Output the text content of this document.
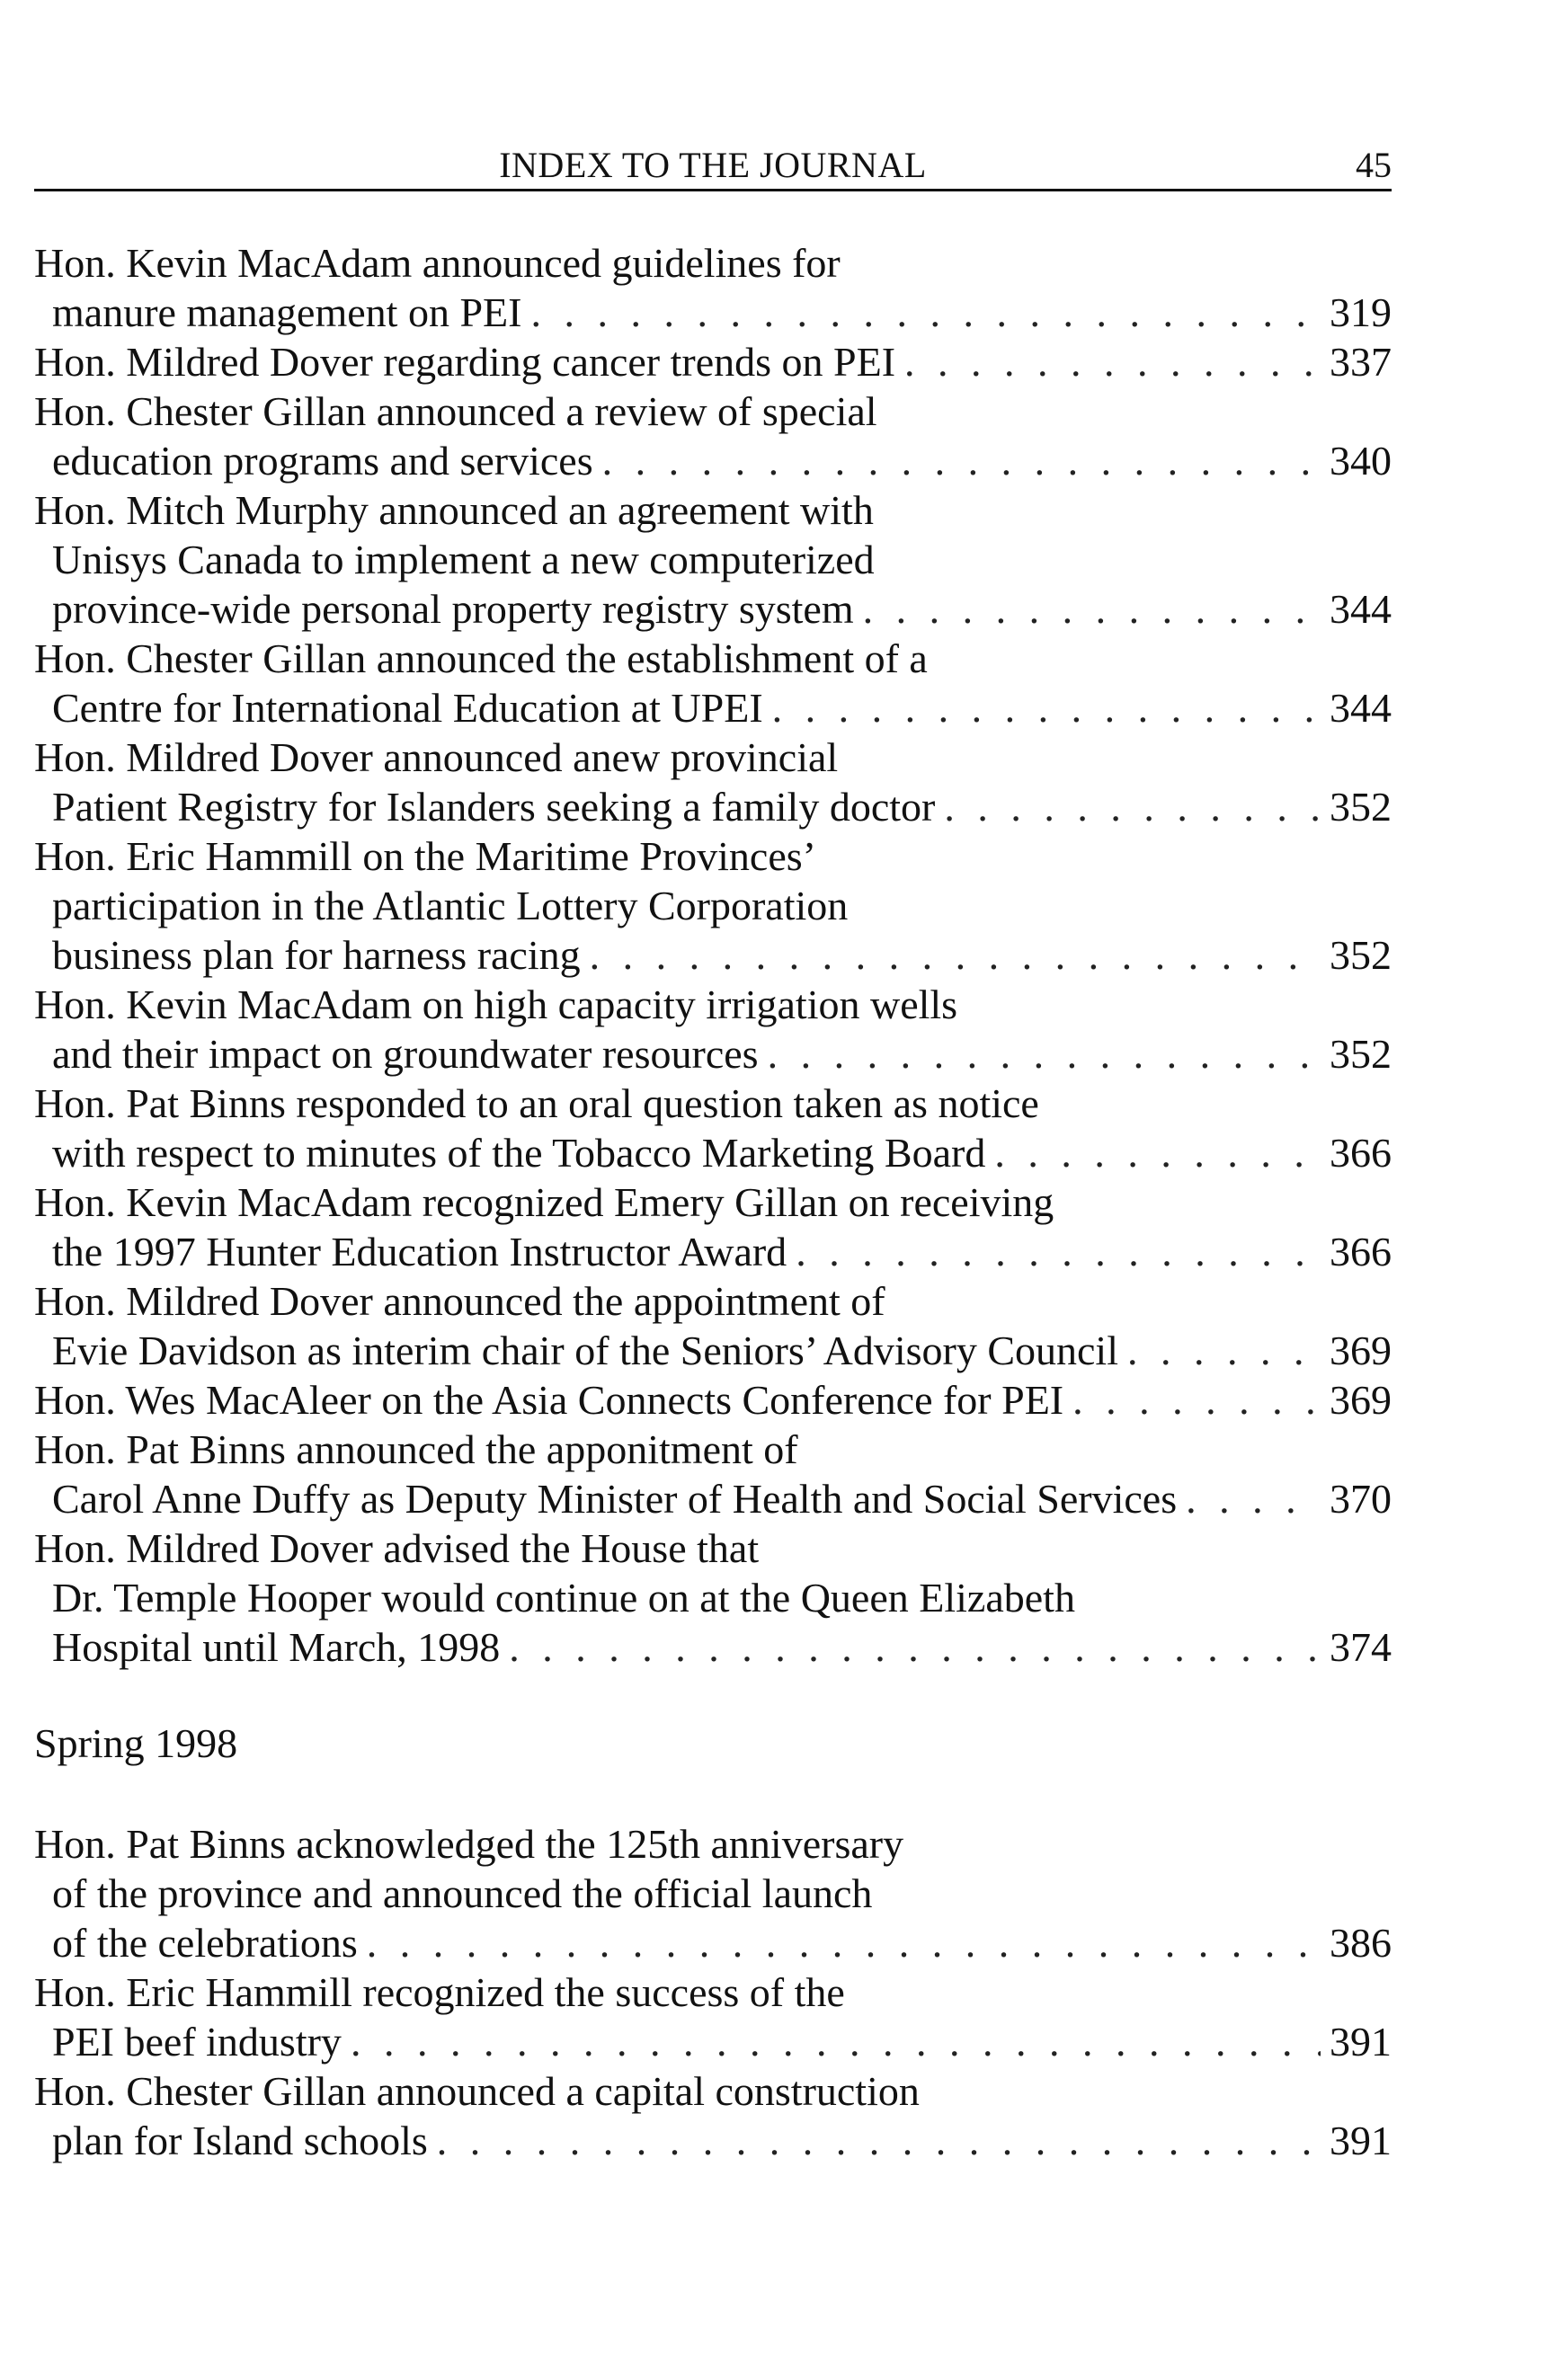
INDEX TO THE JOURNAL	45
Hon. Kevin MacAdam announced guidelines for
manure management on PEI . . .	319
Hon. Mildred Dover regarding cancer trends on PEI . . .	337
Hon. Chester Gillan announced a review of special
education programs and services . . .	340
Hon. Mitch Murphy announced an agreement with
Unisys Canada to implement a new computerized
province-wide personal property registry system . . .	344
Hon. Chester Gillan announced the establishment of a
Centre for International Education at UPEI . . .	344
Hon. Mildred Dover announced anew provincial
Patient Registry for Islanders seeking a family doctor . . .	352
Hon. Eric Hammill on the Maritime Provinces’
participation in the Atlantic Lottery Corporation
business plan for harness racing . . .	352
Hon. Kevin MacAdam on high capacity irrigation wells
and their impact on groundwater resources . . .	352
Hon. Pat Binns responded to an oral question taken as notice
with respect to minutes of the Tobacco Marketing Board . . .	366
Hon. Kevin MacAdam recognized Emery Gillan on receiving
the 1997 Hunter Education Instructor Award . . .	366
Hon. Mildred Dover announced the appointment of
Evie Davidson as interim chair of the Seniors’ Advisory Council . . .	369
Hon. Wes MacAleer on the Asia Connects Conference for PEI . . .	369
Hon. Pat Binns announced the apponitment of
Carol Anne Duffy as Deputy Minister of Health and Social Services . . .	370
Hon. Mildred Dover advised the House that
Dr. Temple Hooper would continue on at the Queen Elizabeth
Hospital until March, 1998 . . .	374
Spring 1998
Hon. Pat Binns acknowledged the 125th anniversary
of the province and announced the official launch
of the celebrations . . .	386
Hon. Eric Hammill recognized the success of the
PEI beef industry . . .	391
Hon. Chester Gillan announced a capital construction
plan for Island schools . . .	391
